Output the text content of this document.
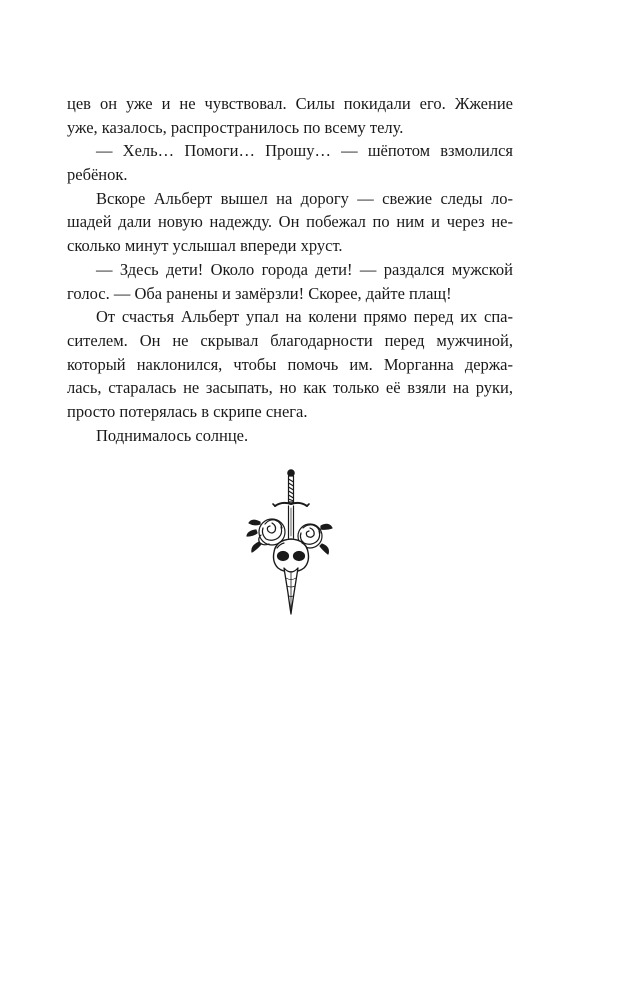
цев он уже и не чувствовал. Силы покидали его. Жжение
уже, казалось, распространилось по всему телу.
— Хель… Помоги… Прошу… — шёпотом взмолился
ребёнок.
Вскоре Альберт вышел на дорогу — свежие следы ло-
шадей дали новую надежду. Он побежал по ним и через не-
сколько минут услышал впереди хруст.
— Здесь дети! Около города дети! — раздался мужской
голос. — Оба ранены и замёрзли! Скорее, дайте плащ!
От счастья Альберт упал на колени прямо перед их спа-
сителем. Он не скрывал благодарности перед мужчиной,
который наклонился, чтобы помочь им. Морганна держа-
лась, старалась не засыпать, но как только её взяли на руки,
просто потерялась в скрипе снега.
Поднималось солнце.
